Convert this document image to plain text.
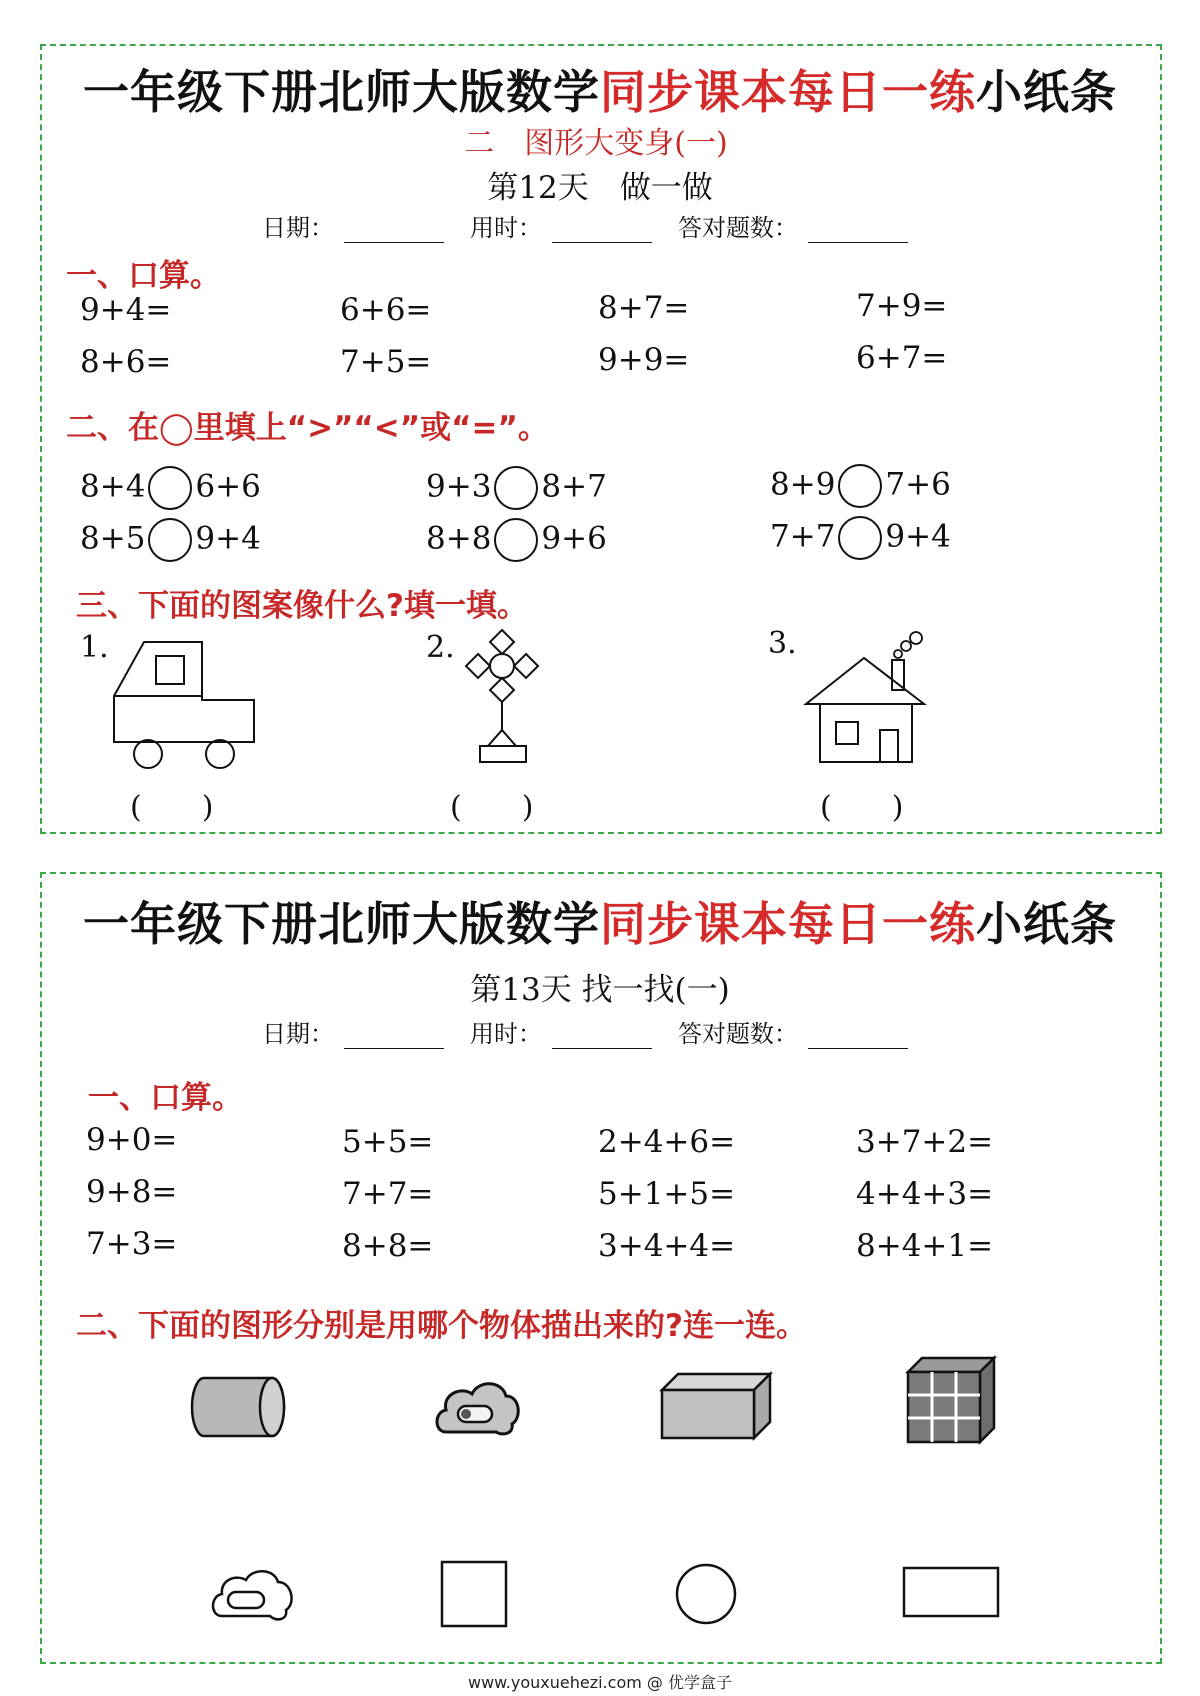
一年级下册北师大版数学同步课本每日一练小纸条
二　图形大变身(一)
第12天　做一做
日期：	用时：	答对题数：
一、口算。
9+4=	6+6=	8+7=	7+9=
8+6=	7+5=	9+9=	6+7=
二、在◯里填上“>”“<”或“=”。
8+4 6+6	9+3 8+7	8+9 7+6
8+5 9+4	8+8 9+6	7+7 9+4
三、下面的图案像什么?填一填。
1.	2.	3.
(　　)	(　　)	(　　)
一年级下册北师大版数学同步课本每日一练小纸条
第13天 找一找(一)
日期：	用时：	答对题数：
一、口算。
9+0=	5+5=	2+4+6=	3+7+2=
9+8=	7+7=	5+1+5=	4+4+3=
7+3=	8+8=	3+4+4=	8+4+1=
二、下面的图形分别是用哪个物体描出来的?连一连。
www.youxuehezi.com @ 优学盒子
